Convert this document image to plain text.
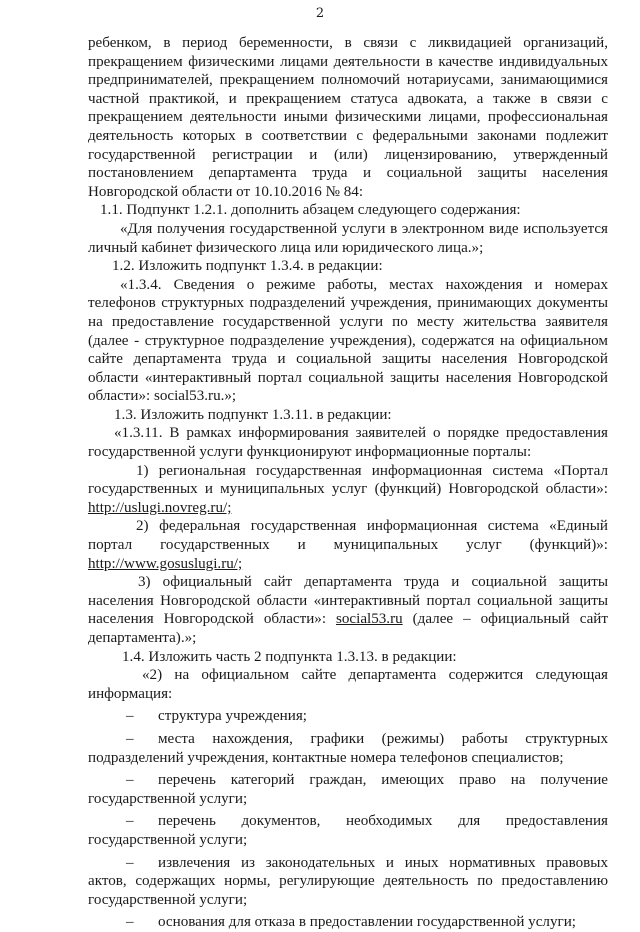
2

ребенком, в период беременности, в связи с ликвидацией организаций, прекращением физическими лицами деятельности в качестве индивидуальных предпринимателей, прекращением полномочий нотариусами, занимающимися частной практикой, и прекращением статуса адвоката, а также в связи с прекращением деятельности иными физическими лицами, профессиональная деятельность которых в соответствии с федеральными законами подлежит государственной регистрации и (или) лицензированию, утвержденный постановлением департамента труда и социальной защиты населения Новгородской области от 10.10.2016 № 84:

1.1. Подпункт 1.2.1. дополнить абзацем следующего содержания:

«Для получения государственной услуги в электронном виде используется личный кабинет физического лица или юридического лица.»;

1.2. Изложить подпункт 1.3.4. в редакции:

«1.3.4. Сведения о режиме работы, местах нахождения и номерах телефонов структурных подразделений учреждения, принимающих документы на предоставление государственной услуги по месту жительства заявителя (далее - структурное подразделение учреждения), содержатся на официальном сайте департамента труда и социальной защиты населения Новгородской области «интерактивный портал социальной защиты населения Новгородской области»: social53.ru.»;

1.3. Изложить подпункт 1.3.11. в редакции:

«1.3.11. В рамках информирования заявителей о порядке предоставления государственной услуги функционируют информационные порталы:

1) региональная государственная информационная система «Портал государственных и муниципальных услуг (функций) Новгородской области»: http://uslugi.novreg.ru/;

2) федеральная государственная информационная система «Единый портал государственных и муниципальных услуг (функций)»: http://www.gosuslugi.ru/;

3) официальный сайт департамента труда и социальной защиты населения Новгородской области «интерактивный портал социальной защиты населения Новгородской области»: social53.ru (далее – официальный сайт департамента).»;

1.4. Изложить часть 2 подпункта 1.3.13. в редакции:

«2) на официальном сайте департамента содержится следующая информация:

– структура учреждения;

– места нахождения, графики (режимы) работы структурных подразделений учреждения, контактные номера телефонов специалистов;

– перечень категорий граждан, имеющих право на получение государственной услуги;

– перечень документов, необходимых для предоставления государственной услуги;

– извлечения из законодательных и иных нормативных правовых актов, содержащих нормы, регулирующие деятельность по предоставлению государственной услуги;

– основания для отказа в предоставлении государственной услуги;
